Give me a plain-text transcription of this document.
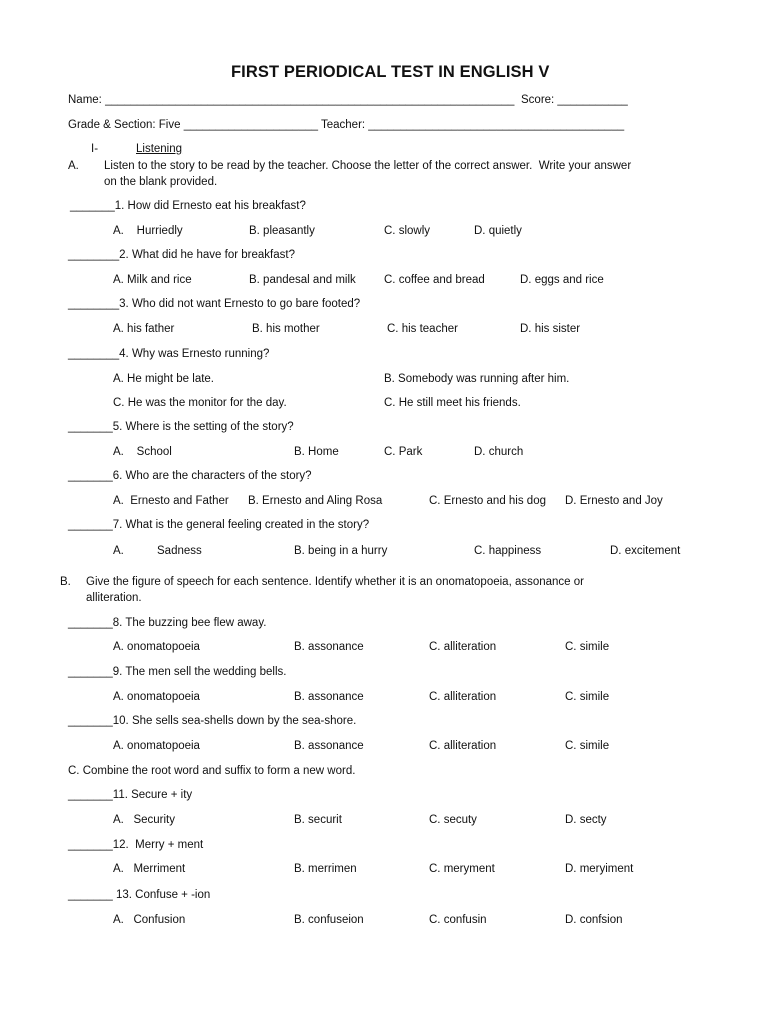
FIRST PERIODICAL TEST IN ENGLISH V
Name: ________________________________________________________________ Score: ___________
Grade & Section: Five _____________________ Teacher: ________________________________________
I-	Listening
A. Listen to the story to be read by the teacher. Choose the letter of the correct answer.  Write your answer
on the blank provided.
_______1. How did Ernesto eat his breakfast?
A.    Hurriedly	B. pleasantly	C. slowly	D. quietly
________2. What did he have for breakfast?
A. Milk and rice	B. pandesal and milk C. coffee and bread	D. eggs and rice
________3. Who did not want Ernesto to go bare footed?
A. his father	B. his mother	C. his teacher	D. his sister
________4. Why was Ernesto running?
A. He might be late.	B. Somebody was running after him.
C. He was the monitor for the day.	C. He still meet his friends.
_______5. Where is the setting of the story?
A.    School	B. Home	C. Park	D. church
_______6. Who are the characters of the story?
A.  Ernesto and Father B. Ernesto and Aling Rosa	C. Ernesto and his dog D. Ernesto and Joy
_______7. What is the general feeling created in the story?
A.	Sadness	B. being in a hurry	C. happiness	D. excitement
B. Give the figure of speech for each sentence. Identify whether it is an onomatopoeia, assonance or
alliteration.
_______8. The buzzing bee flew away.
A. onomatopoeia	B. assonance	C. alliteration	C. simile
_______9. The men sell the wedding bells.
A. onomatopoeia	B. assonance	C. alliteration	C. simile
_______10. She sells sea-shells down by the sea-shore.
A. onomatopoeia	B. assonance	C. alliteration	C. simile
C. Combine the root word and suffix to form a new word.
_______11. Secure + ity
A.   Security	B. securit	C. secuty	D. secty
_______12.  Merry + ment
A.   Merriment	B. merrimen	C. meryment	D. meryiment
_______ 13. Confuse + -ion
A.   Confusion	B. confuseion	C. confusin	D. confsion
